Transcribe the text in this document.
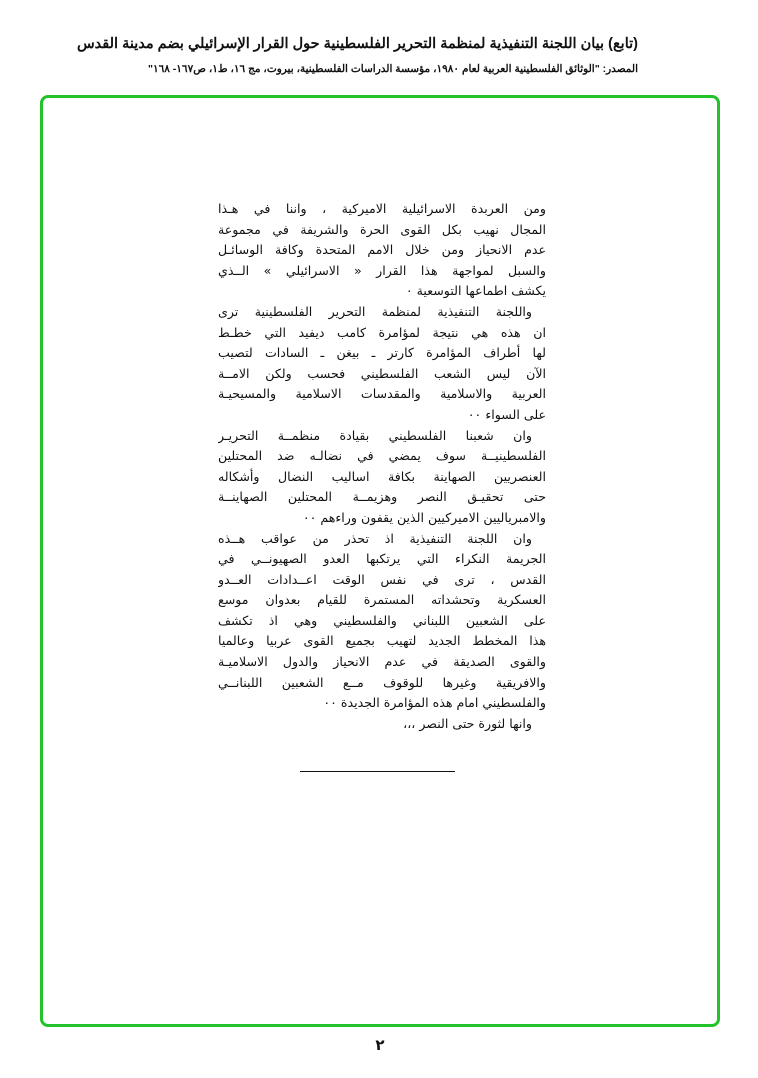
(تابع) بيان اللجنة التنفيذية لمنظمة التحرير الفلسطينية حول القرار الإسرائيلي بضم مدينة القدس
المصدر: "الوثائق الفلسطينية العربية لعام ١٩٨٠، مؤسسة الدراسات الفلسطينية، بيروت، مج ١٦، ط١، ص١٦٧- ١٦٨"
ومن العربدة الاسرائيلية الاميركية ، واننا في هـذا
المجال نهيب بكل القوى الحرة والشريفة في مجموعة
عدم الانحياز ومن خلال الامم المتحدة وكافة الوسائـل
والسبل لمواجهة هذا القرار « الاسرائيلي » الــذي
يكشف اطماعها التوسعية ٠
واللجنة التنفيذية لمنظمة التحرير الفلسطينية ترى
ان هذه هي نتيجة لمؤامرة كامب ديفيد التي خطـط
لها أطراف المؤامرة كارتر ـ بيغن ـ السادات لتصيب
الآن ليس الشعب الفلسطيني فحسب ولكن الامــة
العربية والاسلامية والمقدسات الاسلامية والمسيحيـة
على السواء ٠٠
وان شعبنا الفلسطيني بقيادة منظمــة التحريـر
الفلسطينيــة سوف يمضي في نضالـه ضد المحتلين
العنصريين الصهاينة بكافة اساليب النضال وأشكاله
حتى تحقيـق النصر وهزيمــة المحتلين الصهاينــة
والامبرياليين الاميركيين الذين يقفون وراءهم ٠٠
وان اللجنة التنفيذية اذ تحذر من عواقب هــذه
الجريمة النكراء التي يرتكبها العدو الصهيونــي في
القدس ، ترى في نفس الوقت اعــدادات العــدو
العسكرية وتحشداته المستمرة للقيام بعدوان موسع
على الشعبين اللبناني والفلسطيني وهي اذ تكشف
هذا المخطط الجديد لتهيب بجميع القوى عربيا وعالميا
والقوى الصديقة في عدم الانحياز والدول الاسلاميـة
والافريقية وغيرها للوقوف مــع الشعبين اللبنانــي
والفلسطيني امام هذه المؤامرة الجديدة ٠٠
وانها لثورة حتى النصر ،،،
٢
